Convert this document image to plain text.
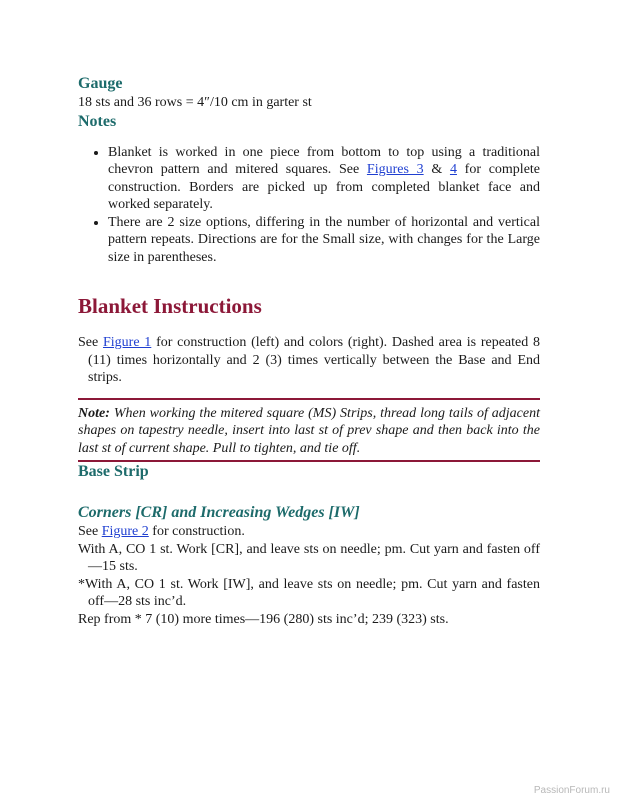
Gauge

18 sts and 36 rows = 4″/10 cm in garter st

Notes
• Blanket is worked in one piece from bottom to top using a traditional chevron pattern and mitered squares. See Figures 3 & 4 for complete construction. Borders are picked up from completed blanket face and worked separately.
• There are 2 size options, differing in the number of horizontal and vertical pattern repeats. Directions are for the Small size, with changes for the Large size in parentheses.
Blanket Instructions

See Figure 1 for construction (left) and colors (right). Dashed area is repeated 8 (11) times horizontally and 2 (3) times vertically between the Base and End strips.

Note: When working the mitered square (MS) Strips, thread long tails of adjacent shapes on tapestry needle, insert into last st of prev shape and then back into the last st of current shape. Pull to tighten, and tie off.

Base Strip
Corners [CR] and Increasing Wedges [IW]

See Figure 2 for construction.

With A, CO 1 st. Work [CR], and leave sts on needle; pm. Cut yarn and fasten off—15 sts.

*With A, CO 1 st. Work [IW], and leave sts on needle; pm. Cut yarn and fasten off—28 sts inc’d.

Rep from * 7 (10) more times—196 (280) sts inc’d; 239 (323) sts.

PassionForum.ru
